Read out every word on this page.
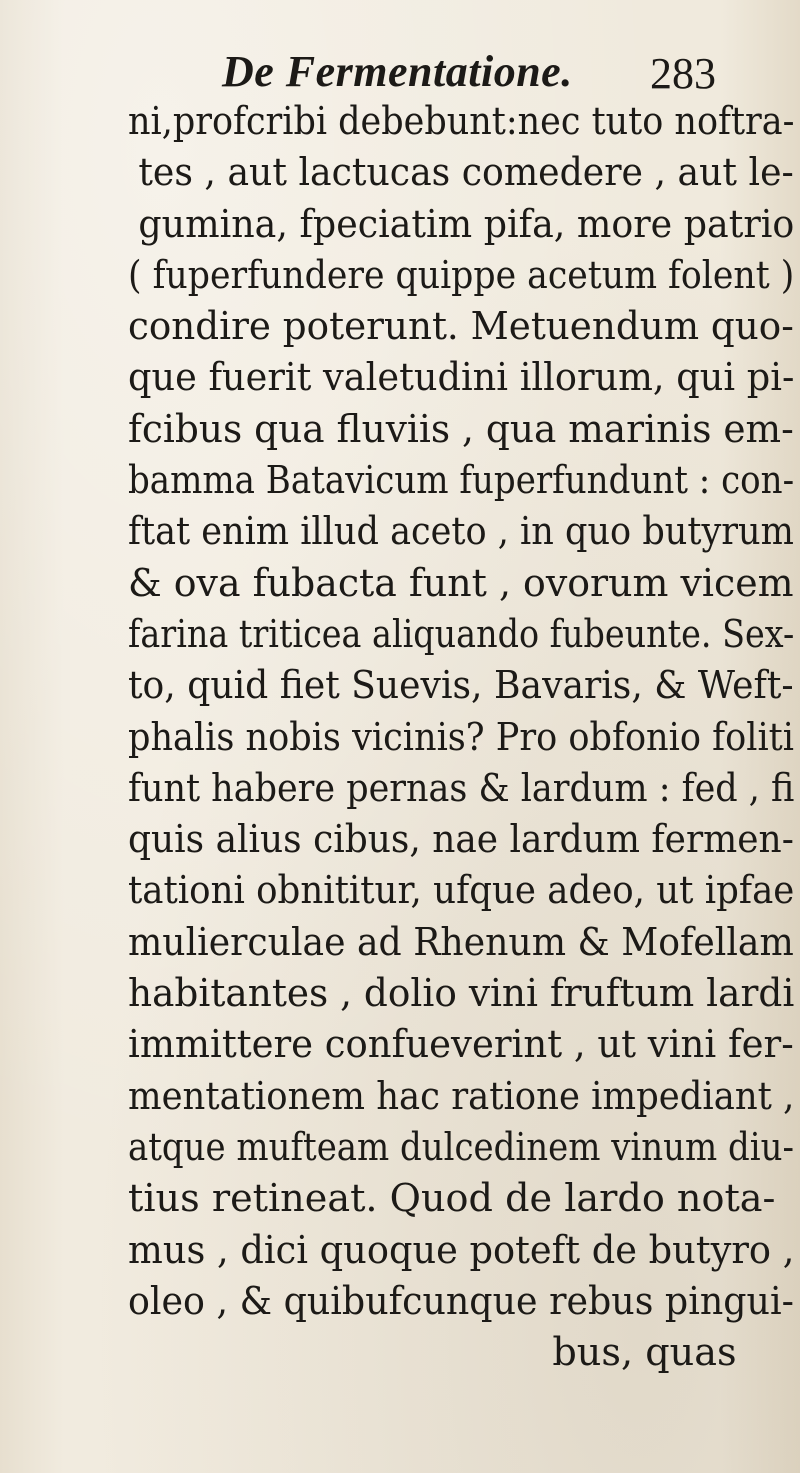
De Fermentatione. 283
ni,profcribi debebunt:nec tuto noftra-
tes , aut lactucas comedere , aut le-
gumina, fpeciatim pifa, more patrio
( fuperfundere quippe acetum folent )
condire poterunt. Metuendum quo-
que fuerit valetudini illorum, qui pi-
fcibus qua fluviis , qua marinis em-
bamma Batavicum fuperfundunt : con-
ftat enim illud aceto , in quo butyrum
& ova fubacta funt , ovorum vicem
farina triticea aliquando fubeunte. Sex-
to, quid fiet Suevis, Bavaris, & Weft-
phalis nobis vicinis? Pro obfonio foliti
funt habere pernas & lardum : fed , fi
quis alius cibus, nae lardum fermen-
tationi obnititur, ufque adeo, ut ipfae
mulierculae ad Rhenum & Mofellam
habitantes , dolio vini fruftum lardi
immittere confueverint , ut vini fer-
mentationem hac ratione impediant ,
atque mufteam dulcedinem vinum diu-
tius retineat. Quod de lardo nota-
mus , dici quoque poteft de butyro ,
oleo , & quibufcunque rebus pingui-
bus, quas
